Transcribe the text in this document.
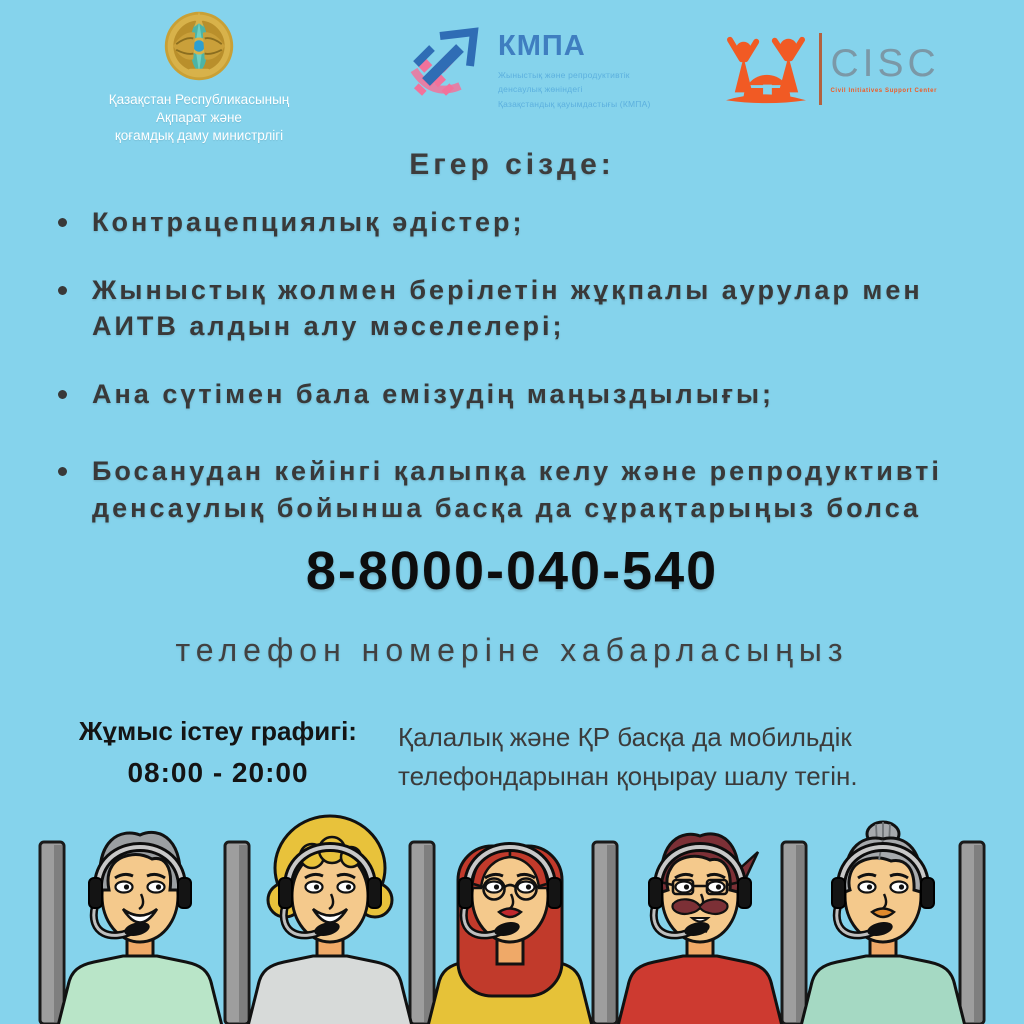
Қазақстан Республикасының
Ақпарат және
қоғамдық даму министрлігі
КМПА
Жыныстық және репродуктивтік
денсаулық жөніндегі
Қазақстандық қауымдастығы (КМПА)
CISC
Civil Initiatives Support Center
Егер сізде:
Контрацепциялық әдістер;
Жыныстық жолмен берілетін жұқпалы аурулар мен
АИТВ алдын алу мәселелері;
Ана сүтімен бала емізудің маңыздылығы;
Босанудан кейінгі қалыпқа келу және репродуктивті
денсаулық бойынша басқа да сұрақтарыңыз болса
8-8000-040-540
телефон номеріне хабарласыңыз
Жұмыс істеу графигі:
08:00 - 20:00
Қалалық және ҚР басқа да мобильдік
телефондарынан қоңырау шалу тегін.
